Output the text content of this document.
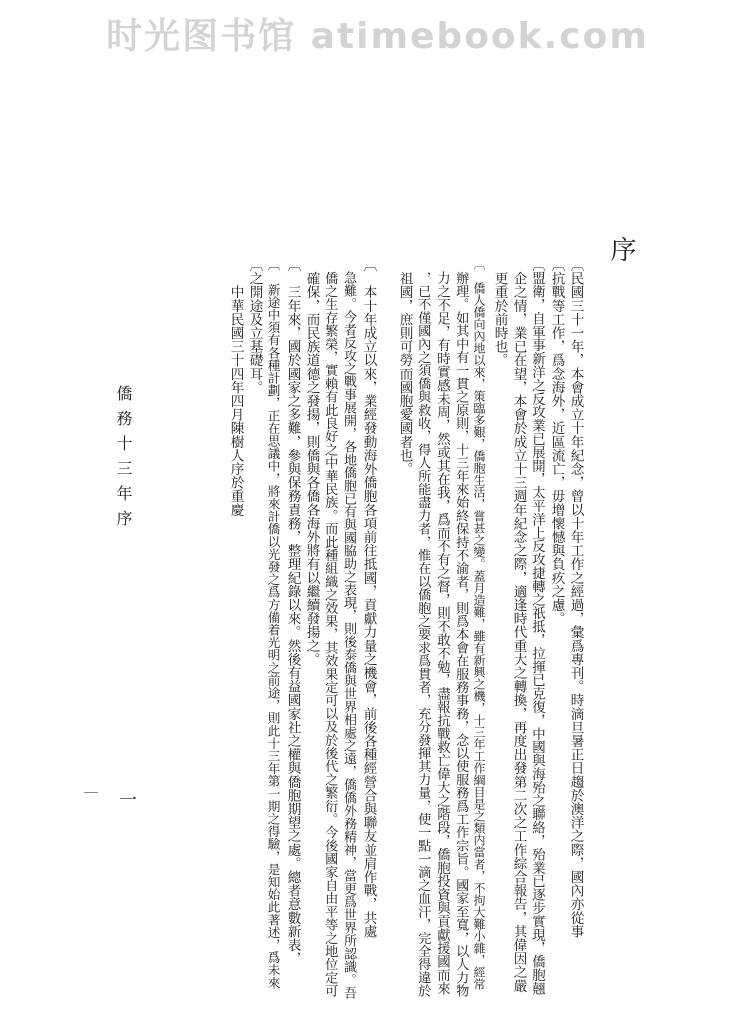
时光图书馆 atimebook.com
序
〔民國三十一年，本會成立十年紀念，曾以十年工作之經過，彙爲專刊。時滴旦暑正日趨於澳洋之際，國內亦從事
〔抗戰等工作，爲念海外，近區流亡，毋增懷憾與負疚之慮。
〔盟衛，自軍事新洋之反攻業已展開，太平洋上反攻捷轉之祇抵，拉揮已克復，中國與海殆之聯絡，殆業已逐步實現，僑胞翹
　企之情，業已在望，本會於成立十三週年紀念之際，適逢時代重大之轉換，再度出發第二次之工作綜合報告，其偉因之嚴
　更重於前時也。
〔　僑人僑向內地以來，策臨多艱，僑胞生活，嘗甚之變。蓋月造難，雖有新興之機，十三年工作綱目是之類内當者，不拘大難小雜，經常
　辦理。如其中有一貫之原則，十三年來始終保持不渝者，則爲本會在服務事務，念以使服務爲工作宗旨。國家至寬，以人力物
　力之不足，有時實感未周，然或其在我，爲而不有之督，則不敢不勉，盡報抗戰救亡偉大之階段，僑胞投資與貢獻援國而來
　，已不僅國內之須僑與救收，得人所能盡力者，惟在以僑胞之要求爲貫者，充分發揮其力量，使一點一滴之血汗，完全得違於
　祖國，庶則可勞而國胞愛國者也。
〔　本十年成立以來，業經發動海外僑胞各項前往抵國，貢獻力量之機會，前後各種經營合與聯友並肩作戰，共處
　急難。今者反攻之戰事展開，各地僑胞已有與國脇助之表現，則後泰僑與世界相處之遠，僑僑外務精神，當更爲世界所認識。吾
　僑之生存繁榮，實賴有此良好之中華民族。而此種組織之效果，其效果定可以及於後代之繁衍。今後國家自由平等之地位定可
　確保，而民族道德之發揚，則僑與各僑各海外將有以繼續發揚之。
〔　三年來，國於國家之多難，參與保務責務，整理紀錄以來。然後有益國家社之權與僑胞期望之處。總者意數新表，
〔　新途中須有各種計劃，正在思議中，將來計僑以光發之爲方備着光明之前途，則此十三年第一期之得驗，是知始此著述，爲未來
〔之開途及立基礎耳。
　　中華民國三十四年四月陳樹人序於重慶
僑務十三年序
一
